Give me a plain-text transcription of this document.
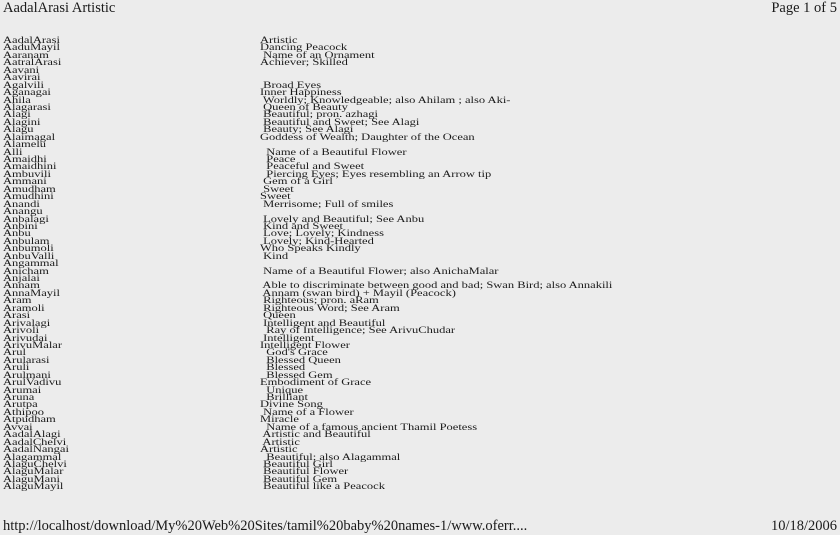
AadalArasi Artistic	Page 1 of 5
AadalArasi	Artistic
AaduMayil	Dancing Peacock
Aaranam	Name of an Ornament
AatralArasi	Achiever; Skilled
Aavani
Aavirai
Agalvili	Broad Eyes
Aganagai	Inner Happiness
Ahila	Worldly; Knowledgeable; also Ahilam ; also Aki-
Alagarasi	Queen of Beauty
Alagi	Beautiful; pron. azhagi
Alagini	Beautiful and Sweet; See Alagi
Alagu	Beauty; See Alagi
Alaimagal	Goddess of Wealth; Daughter of the Ocean
Alamelu
Alli	Name of a Beautiful Flower
Amaidhi	Peace
Amaidhini	Peaceful and Sweet
Ambuvili	Piercing Eyes; Eyes resembling an Arrow tip
Ammani	Gem of a Girl
Amudham	Sweet
Amudhini	Sweet
Anandi	Merrisome; Full of smiles
Anangu
Anbalagi	Lovely and Beautiful; See Anbu
Anbini	Kind and Sweet
Anbu	Love; Lovely; Kindness
Anbulam	Lovely; Kind-Hearted
Anbumoli	Who Speaks Kindly
AnbuValli	Kind
Angammal
Anicham	Name of a Beautiful Flower; also AnichaMalar
Anjalai
Annam	Able to discriminate between good and bad; Swan Bird; also Annakili
AnnaMayil	Annam (swan bird) + Mayil (Peacock)
Aram	Righteous; pron. aRam
Aramoli	Righteous Word; See Aram
Arasi	Queen
Arivalagi	Intelligent and Beautiful
Arivoli	Ray of Intelligence; See ArivuChudar
Arivudai	Intelligent
ArivuMalar	Intelligent Flower
Arul	God's Grace
Arularasi	Blessed Queen
Aruli	Blessed
Arulmani	Blessed Gem
ArulVadivu	Embodiment of Grace
Arumai	Unique
Aruna	Brilliant
Arutpa	Divine Song
Athipoo	Name of a Flower
Atpudham	Miracle
Avvai	Name of a famous ancient Thamil Poetess
AadalAlagi	Artistic and Beautiful
AadalChelvi	Artistic
AadalNangai	Artistic
Alagammal	Beautiful; also Alagammal
AlaguChelvi	Beautiful Girl
AlaguMalar	Beautiful Flower
AlaguMani	Beautiful Gem
AlaguMayil	Beautiful like a Peacock
http://localhost/download/My%20Web%20Sites/tamil%20baby%20names-1/www.oferr....	10/18/2006
